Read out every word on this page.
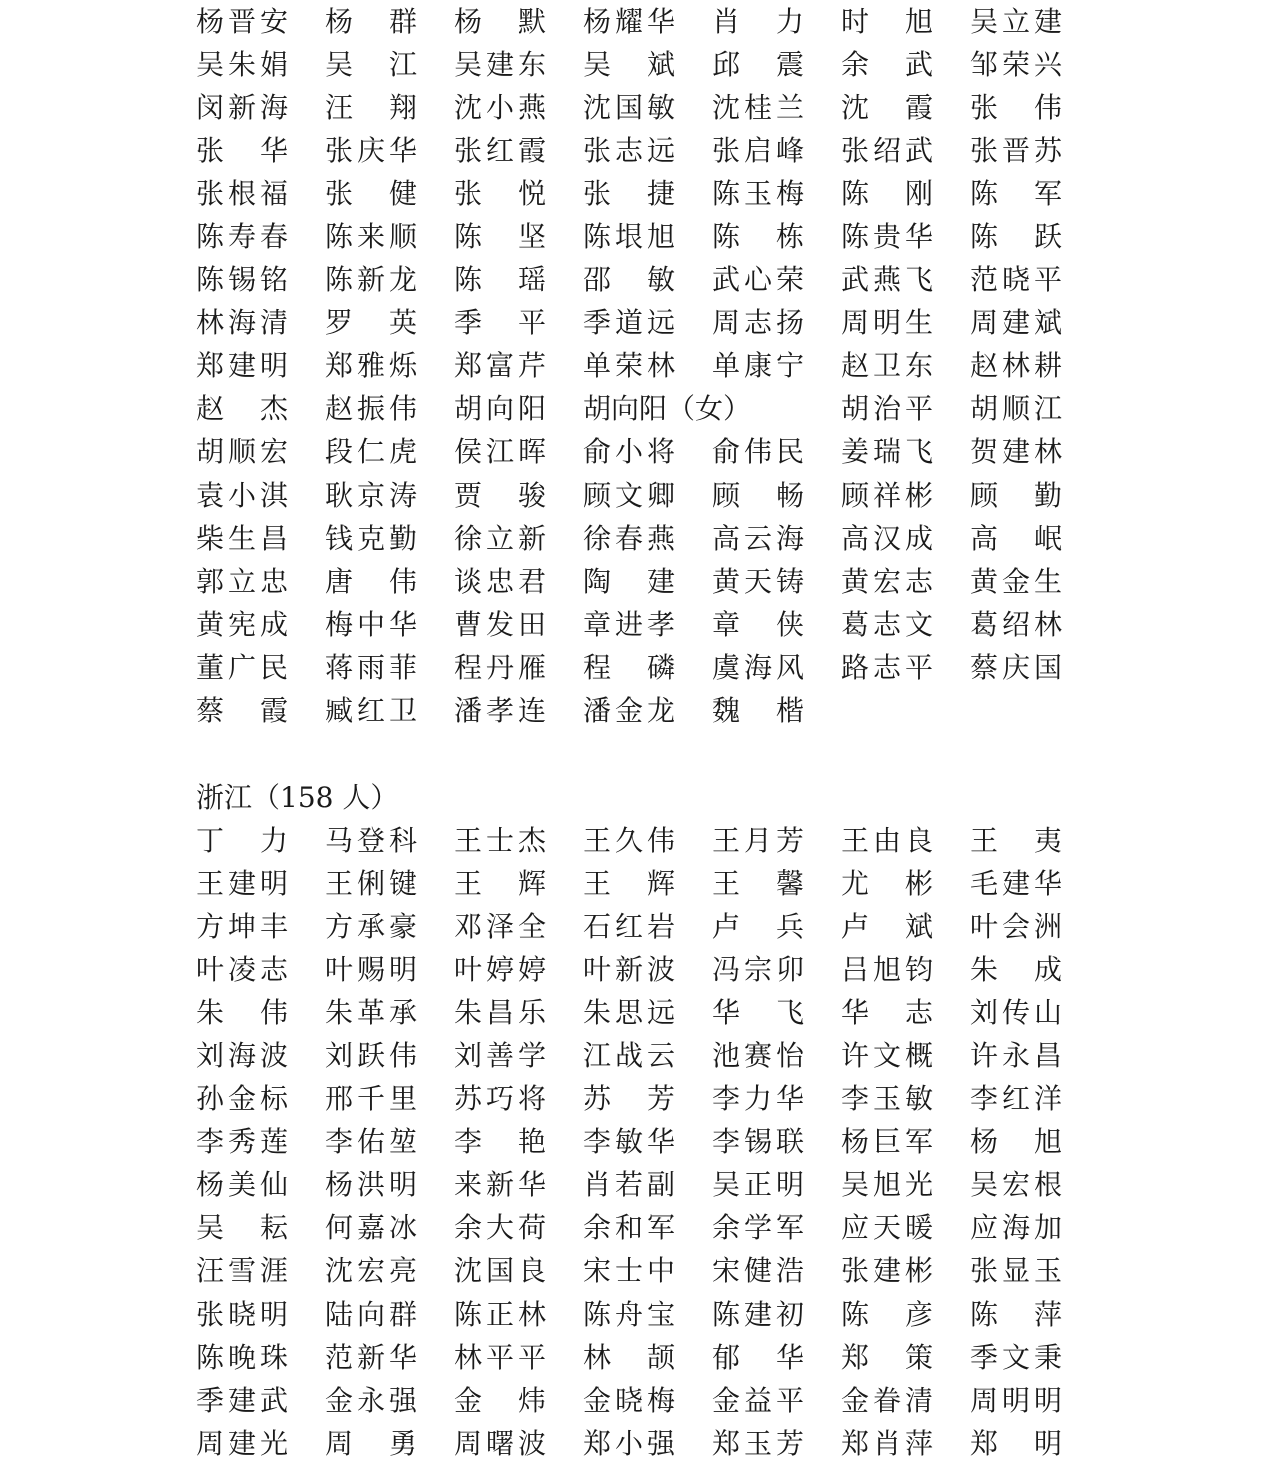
杨 晋 安 杨 群 杨 默 杨 耀 华 肖 力 时 旭 吴 立 建
吴 朱 娟 吴 江 吴 建 东 吴 斌 邱 震 余 武 邹 荣 兴
闵 新 海 汪 翔 沈 小 燕 沈 国 敏 沈 桂 兰 沈 霞 张 伟
张 华 张 庆 华 张 红 霞 张 志 远 张 启 峰 张 绍 武 张 晋 苏
张 根 福 张 健 张 悦 张 捷 陈 玉 梅 陈 刚 陈 军
陈 寿 春 陈 来 顺 陈 坚 陈 垠 旭 陈 栋 陈 贵 华 陈 跃
陈 锡 铭 陈 新 龙 陈 瑶 邵 敏 武 心 荣 武 燕 飞 范 晓 平
林 海 清 罗 英 季 平 季 道 远 周 志 扬 周 明 生 周 建 斌
郑 建 明 郑 雅 烁 郑 富 芹 单 荣 林 单 康 宁 赵 卫 东 赵 林 耕
赵 杰 赵 振 伟 胡 向 阳 胡向阳（女）	胡 治 平 胡 顺 江
胡 顺 宏 段 仁 虎 侯 江 晖 俞 小 将 俞 伟 民 姜 瑞 飞 贺 建 林
袁 小 淇 耿 京 涛 贾 骏 顾 文 卿 顾 畅 顾 祥 彬 顾 勤
柴 生 昌 钱 克 勤 徐 立 新 徐 春 燕 高 云 海 高 汉 成 高 岷
郭 立 忠 唐 伟 谈 忠 君 陶 建 黄 天 铸 黄 宏 志 黄 金 生
黄 宪 成 梅 中 华 曹 发 田 章 进 孝 章 侠 葛 志 文 葛 绍 林
董 广 民 蒋 雨 菲 程 丹 雁 程 磷 虞 海 风 路 志 平 蔡 庆 国
蔡 霞 臧 红 卫 潘 孝 连 潘 金 龙 魏 楷
浙江（158 人）
丁 力 马 登 科 王 士 杰 王 久 伟 王 月 芳 王 由 良 王 夷
王 建 明 王 俐 键 王 辉 王 辉 王 馨 尤 彬 毛 建 华
方 坤 丰 方 承 豪 邓 泽 全 石 红 岩 卢 兵 卢 斌 叶 会 洲
叶 凌 志 叶 赐 明 叶 婷 婷 叶 新 波 冯 宗 卯 吕 旭 钧 朱 成
朱 伟 朱 革 承 朱 昌 乐 朱 思 远 华 飞 华 志 刘 传 山
刘 海 波 刘 跃 伟 刘 善 学 江 战 云 池 赛 怡 许 文 概 许 永 昌
孙 金 标 邢 千 里 苏 巧 将 苏 芳 李 力 华 李 玉 敏 李 红 洋
李 秀 莲 李 佑 堃 李 艳 李 敏 华 李 锡 联 杨 巨 军 杨 旭
杨 美 仙 杨 洪 明 来 新 华 肖 若 副 吴 正 明 吴 旭 光 吴 宏 根
吴 耘 何 嘉 冰 余 大 荷 余 和 军 余 学 军 应 天 暖 应 海 加
汪 雪 涯 沈 宏 亮 沈 国 良 宋 士 中 宋 健 浩 张 建 彬 张 显 玉
张 晓 明 陆 向 群 陈 正 林 陈 舟 宝 陈 建 初 陈 彦 陈 萍
陈 晚 珠 范 新 华 林 平 平 林 颉 郁 华 郑 策 季 文 秉
季 建 武 金 永 强 金 炜 金 晓 梅 金 益 平 金 眷 清 周 明 明
周 建 光 周 勇 周 曙 波 郑 小 强 郑 玉 芳 郑 肖 萍 郑 明
